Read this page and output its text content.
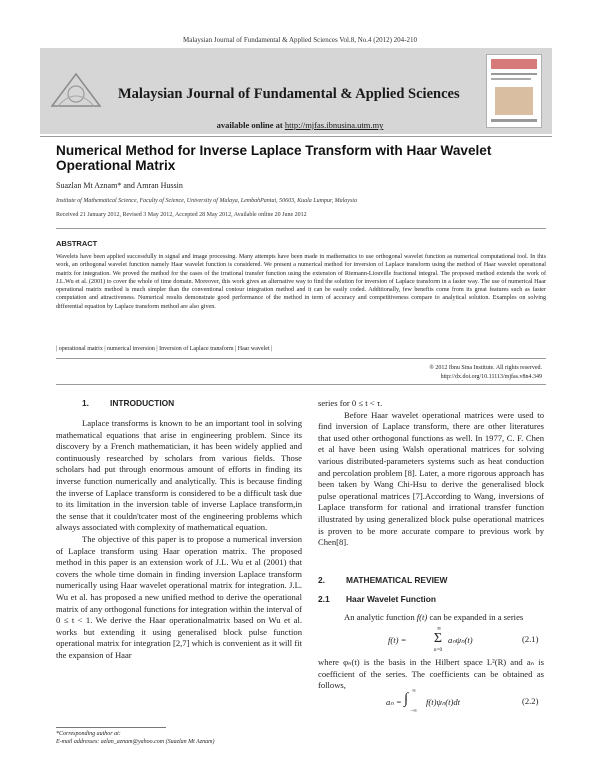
Malaysian Journal of Fundamental & Applied Sciences Vol.8, No.4 (2012) 204-210
Malaysian Journal of Fundamental & Applied Sciences
available online at http://mjfas.ibnusina.utm.my
Numerical Method for Inverse Laplace Transform with Haar Wavelet Operational Matrix
Suazlan Mt Aznam* and Amran Hussin
Institute of Mathematical Science, Faculty of Science, University of Malaya, LembahPantai, 50603, Kuala Lumpur, Malaysia
Received 21 January 2012, Revised 3 May 2012, Accepted 28 May 2012, Available online 20 June 2012
ABSTRACT
Wavelets have been applied successfully in signal and image processing. Many attempts have been made in mathematics to use orthogonal wavelet function as numerical computational tool. In this work, an orthogonal wavelet function namely Haar wavelet function is considered. We present a numerical method for inversion of Laplace transform using the method of Haar wavelet operational matrix for integration. We proved the method for the cases of the irrational transfer function using the extension of Riemann-Liouville fractional integral. The proposed method extends the work of J.L.Wu et al. (2001) to cover the whole of time domain. Moreover, this work gives an alternative way to find the solution for inversion of Laplace transform in a faster way. The use of numerical Haar operational matrix method is much simpler than the conventional contour integration method and it can be easily coded. Additionally, few benefits come from its great features such as faster computation and attractiveness. Numerical results demonstrate good performance of the method in term of accuracy and competitiveness compare to analytical solution. Examples on solving differential equation by Laplace transform method are also given.
| operational matrix | numerical inversion | Inversion of Laplace transform | Haar wavelet |
® 2012 Ibnu Sina Institute. All rights reserved.
http://dx.doi.org/10.11113/mjfas.v8n4.349
1.	INTRODUCTION

Laplace transforms is known to be an important tool in solving mathematical equations that arise in engineering problem. Since its discovery by a French mathematician, it has been widely applied and continuously researched by scholars from various fields. Those scholars had put through enormous amount of efforts in finding its inverse function numerically and analytically. This is because finding the inverse of Laplace transform is considered to be a difficult task due to its limitation in the inversion table of inverse Laplace transform,in the sense that it couldn'tcater most of the engineering problems which always associated with complexity of mathematical equation.

The objective of this paper is to propose a numerical inversion of Laplace transform using Haar operation matrix. The proposed method in this paper is an extension work of J.L. Wu et al (2001) that covers the whole time domain in finding inversion Laplace transform numerically using Haar wavelet operational matrix for integration. J.L. Wu et al. has proposed a new unified method to derive the operational matrix of any orthogonal functions for integration within the interval of 0 ≤ t < 1. We derive the Haar operationalmatrix based on Wu et al. works but extending it using generalised block pulse function operational matrix for integration [2,7] which is convenient as it will fit the expansion of Haar

*Corresponding author at:
E-mail addresses: azlan_aznam@yahoo.com (Suazlan Mt Aznam)

series for 0 ≤ t < τ.

Before Haar wavelet operational matrices were used to find inversion of Laplace transform, there are other literatures that used other orthogonal functions as well. In 1977, C. F. Chen et al have been using Walsh operational matrices for solving various distributed-parameters systems such as heat conduction and percolation problem [8]. Later, a more rigorous approach has been taken by Wang Chi-Hsu to derive the generalised block pulse operational matrices [7].According to Wang, inversions of Laplace transform for rational and irrational transfer function illustrated by using generalized block pulse operational matrices is proven to be more accurate compare to previous work by Chen[8].

2.	MATHEMATICAL REVIEW
2.1 Haar Wavelet Function
An analytic function f(t) can be expanded in a series
f(t) =
∞
Σ
n=0
aₙψₙ(t)	(2.1)

where φₙ(t) is the basis in the Hilbert space L²(R) and aₙ is coefficient of the series. The coefficients can be obtained as follows,

aₙ =
∞
∫
−∞
f(t)ψₙ(t)dt	(2.2)
